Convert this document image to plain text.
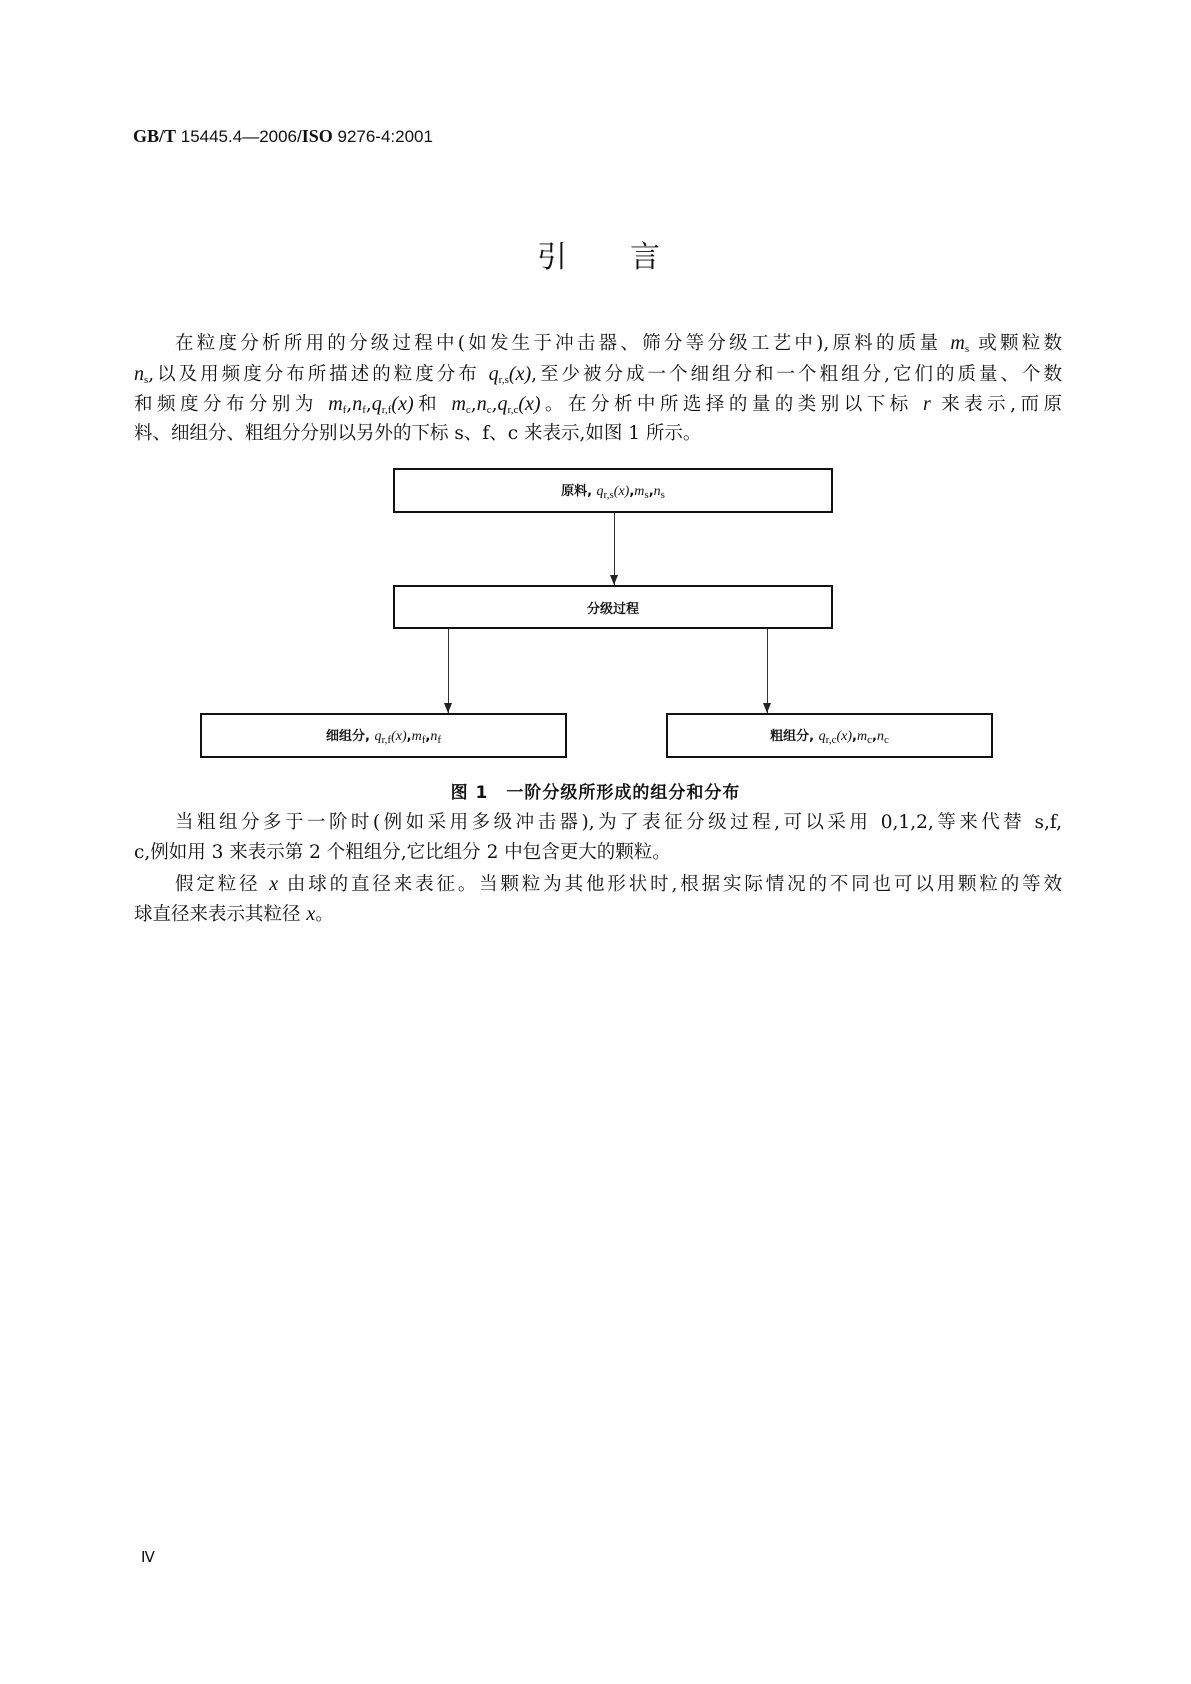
GB/T 15445.4—2006/ISO 9276-4:2001
引 言
在粒度分析所用的分级过程中(如发生于冲击器、筛分等分级工艺中),原料的质量 $m_s$ 或颗粒数
$n_s$,以及用频度分布所描述的粒度分布 $q_{r,s}(x)$,至少被分成一个细组分和一个粗组分,它们的质量、个数
和频度分布分别为 $m_f,n_f,q_{r,f}(x)$和 $m_c,n_c,q_{r,c}(x)$。在分析中所选择的量的类别以下标 r 来表示,而原
料、细组分、粗组分分别以另外的下标 s、f、c 来表示,如图 1 所示。
原料, $q_{r,s}(x),m_s,n_s$
分级过程
细组分, $q_{r,f}(x),m_f,n_f$	粗组分, $q_{r,c}(x),m_c,n_c$
图 1　一阶分级所形成的组分和分布
当粗组分多于一阶时(例如采用多级冲击器),为了表征分级过程,可以采用 0,1,2,等来代替 s,f,
c,例如用 3 来表示第 2 个粗组分,它比组分 2 中包含更大的颗粒。
假定粒径 x 由球的直径来表征。当颗粒为其他形状时,根据实际情况的不同也可以用颗粒的等效
球直径来表示其粒径 x。
Ⅳ
